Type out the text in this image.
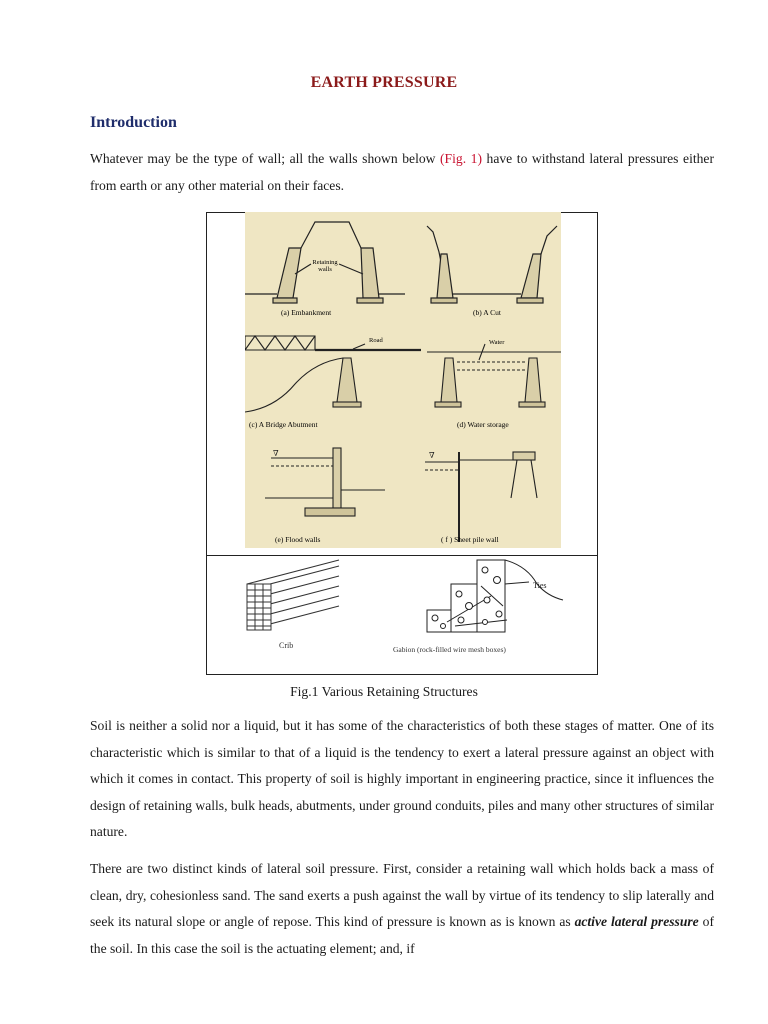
EARTH PRESSURE
Introduction
Whatever may be the type of wall; all the walls shown below (Fig. 1) have to withstand lateral pressures either from earth or any other material on their faces.
Retaining
walls
(a) Embankment	(b) A Cut
Road
(c) A Bridge Abutment
Water
(d) Water storage
∇
(e) Flood walls
∇
( f ) Sheet pile wall
Crib
Ties
Gabion (rock-filled wire mesh boxes)
Fig.1 Various Retaining Structures
Soil is neither a solid nor a liquid, but it has some of the characteristics of both these stages of matter. One of its characteristic which is similar to that of a liquid is the tendency to exert a lateral pressure against an object with which it comes in contact. This property of soil is highly important in engineering practice, since it influences the design of retaining walls, bulk heads, abutments, under ground conduits, piles and many other structures of similar nature.
There are two distinct kinds of lateral soil pressure. First, consider a retaining wall which holds back a mass of clean, dry, cohesionless sand. The sand exerts a push against the wall by virtue of its tendency to slip laterally and seek its natural slope or angle of repose. This kind of pressure is known as is known as active lateral pressure of the soil. In this case the soil is the actuating element; and, if
